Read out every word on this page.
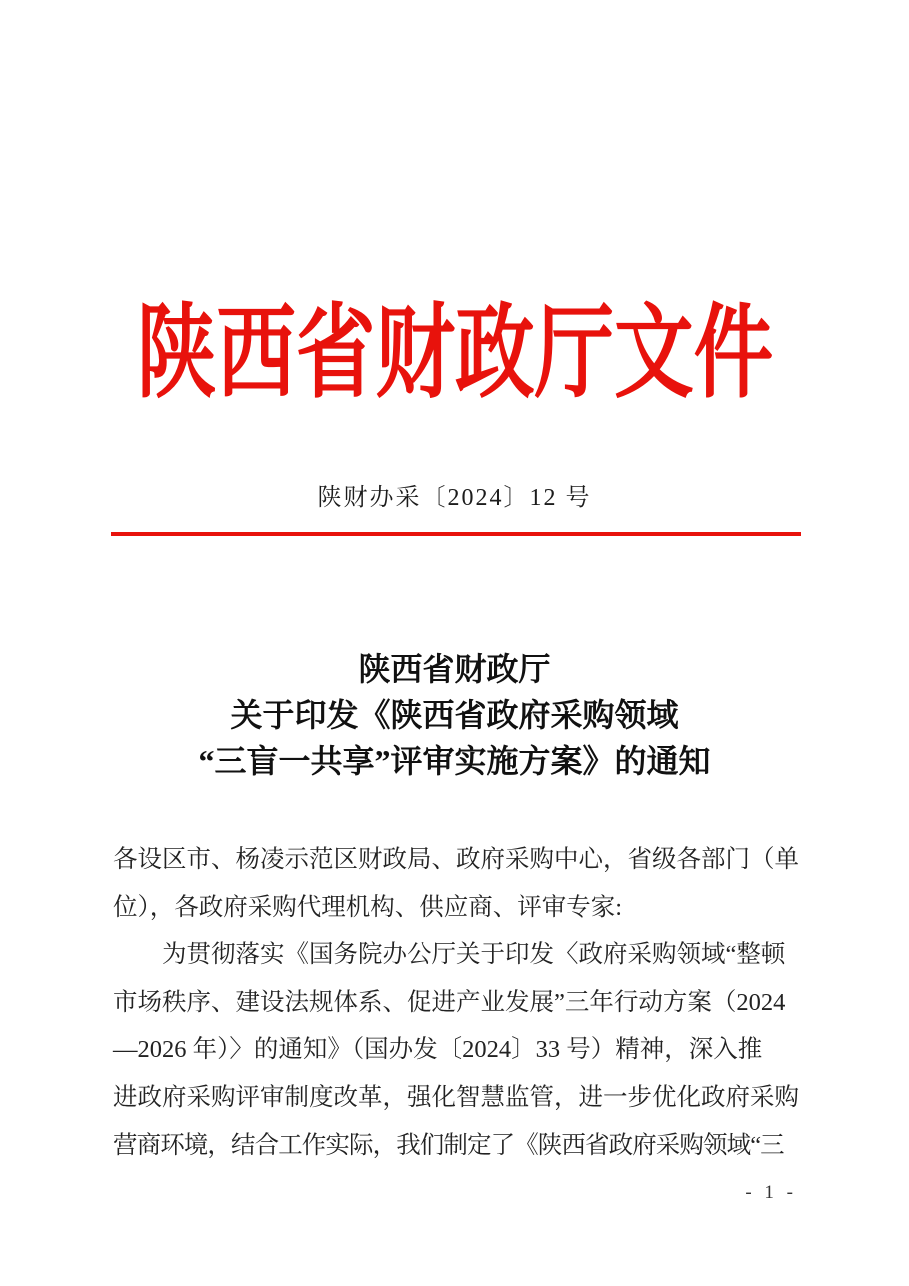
陕西省财政厅文件
陕财办采〔2024〕12 号
陕西省财政厅
关于印发《陕西省政府采购领域
“三盲一共享”评审实施方案》的通知
各设区市、杨凌示范区财政局、政府采购中心，省级各部门（单
位），各政府采购代理机构、供应商、评审专家:
　　为贯彻落实《国务院办公厅关于印发〈政府采购领域“整顿
市场秩序、建设法规体系、促进产业发展”三年行动方案（2024
—2026 年）〉的通知》（国办发〔2024〕33 号）精神，深入推
进政府采购评审制度改革，强化智慧监管，进一步优化政府采购
营商环境，结合工作实际，我们制定了《陕西省政府采购领域“三
- 1 -
